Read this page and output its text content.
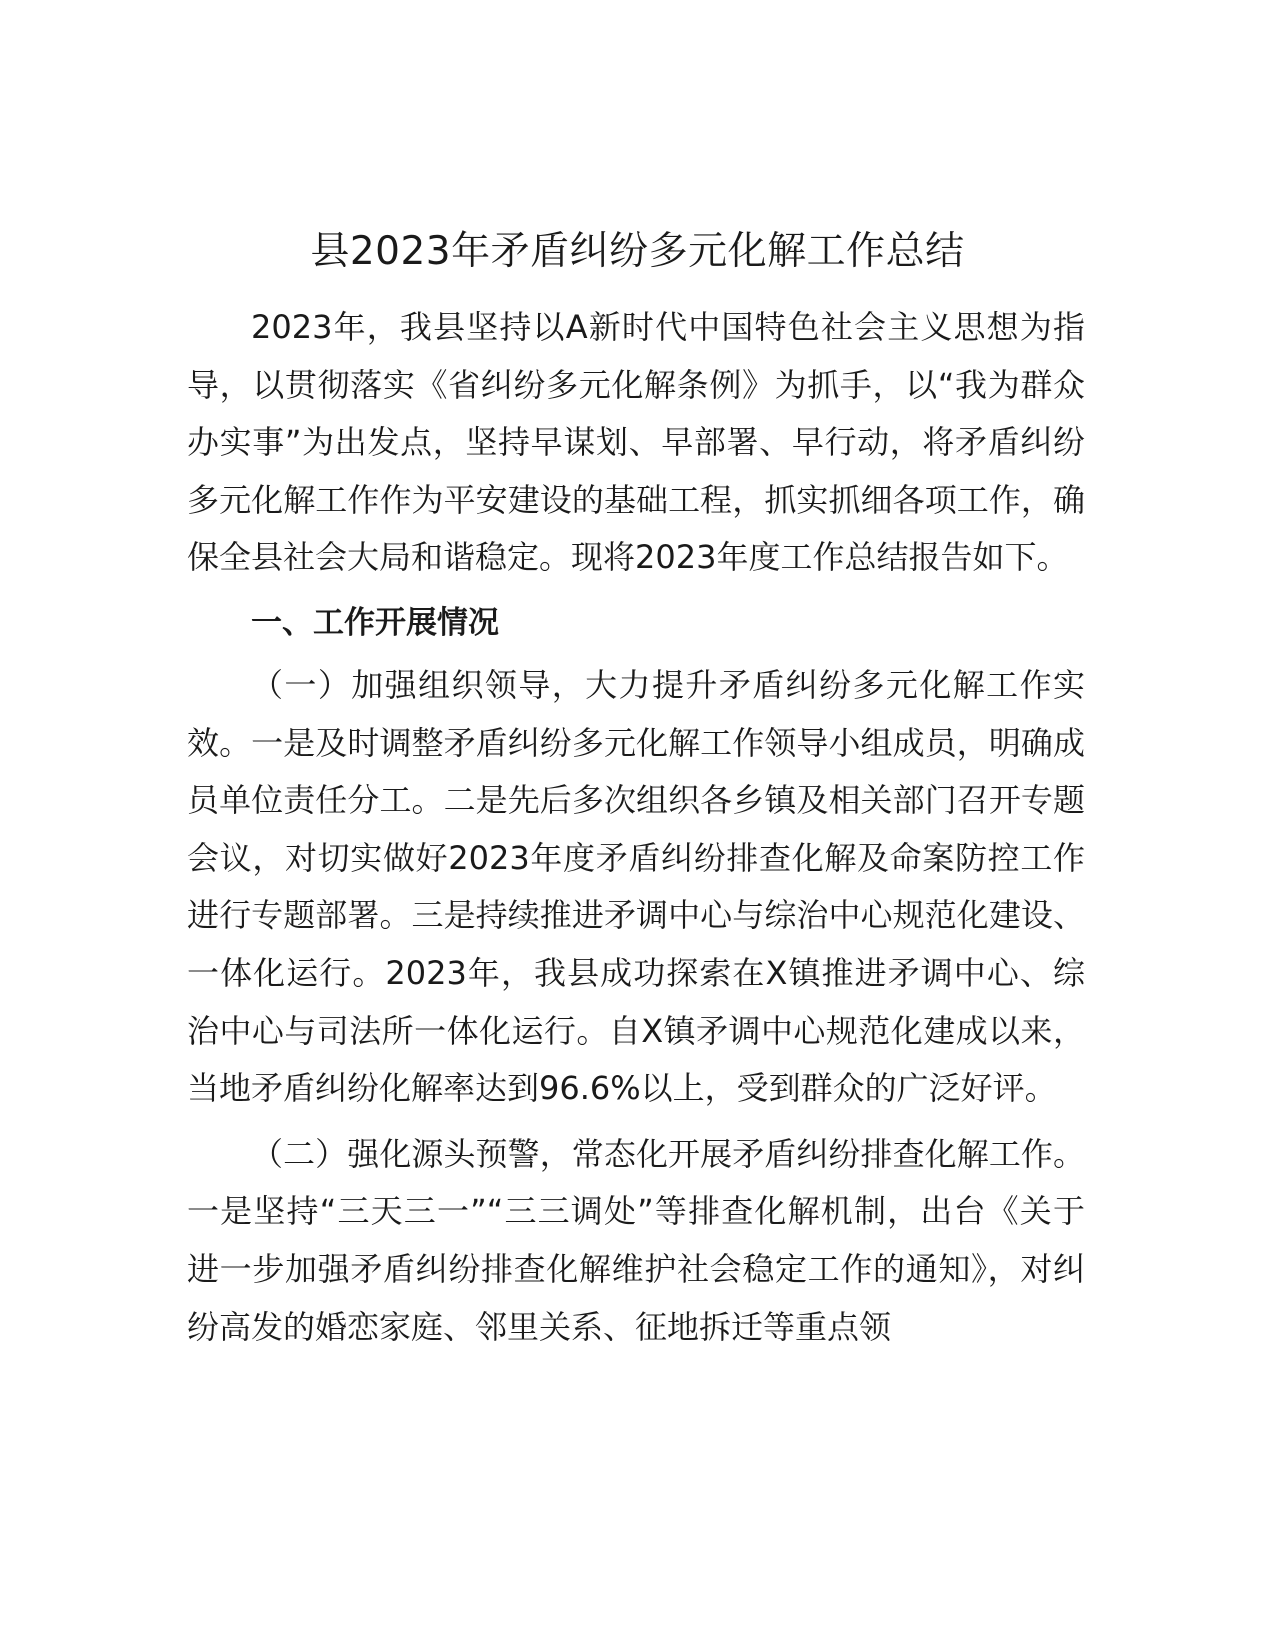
县2023年矛盾纠纷多元化解工作总结

2023年，我县坚持以A新时代中国特色社会主义思想为指导，以贯彻落实《省纠纷多元化解条例》为抓手，以“我为群众办实事”为出发点，坚持早谋划、早部署、早行动，将矛盾纠纷多元化解工作作为平安建设的基础工程，抓实抓细各项工作，确保全县社会大局和谐稳定。现将2023年度工作总结报告如下。

一、工作开展情况

（一）加强组织领导，大力提升矛盾纠纷多元化解工作实效。一是及时调整矛盾纠纷多元化解工作领导小组成员，明确成员单位责任分工。二是先后多次组织各乡镇及相关部门召开专题会议，对切实做好2023年度矛盾纠纷排查化解及命案防控工作进行专题部署。三是持续推进矛调中心与综治中心规范化建设、一体化运行。2023年，我县成功探索在X镇推进矛调中心、综治中心与司法所一体化运行。自X镇矛调中心规范化建成以来，当地矛盾纠纷化解率达到96.6%以上，受到群众的广泛好评。

（二）强化源头预警，常态化开展矛盾纠纷排查化解工作。一是坚持“三天三一”“三三调处”等排查化解机制，出台《关于进一步加强矛盾纠纷排查化解维护社会稳定工作的通知》，对纠纷高发的婚恋家庭、邻里关系、征地拆迁等重点领
